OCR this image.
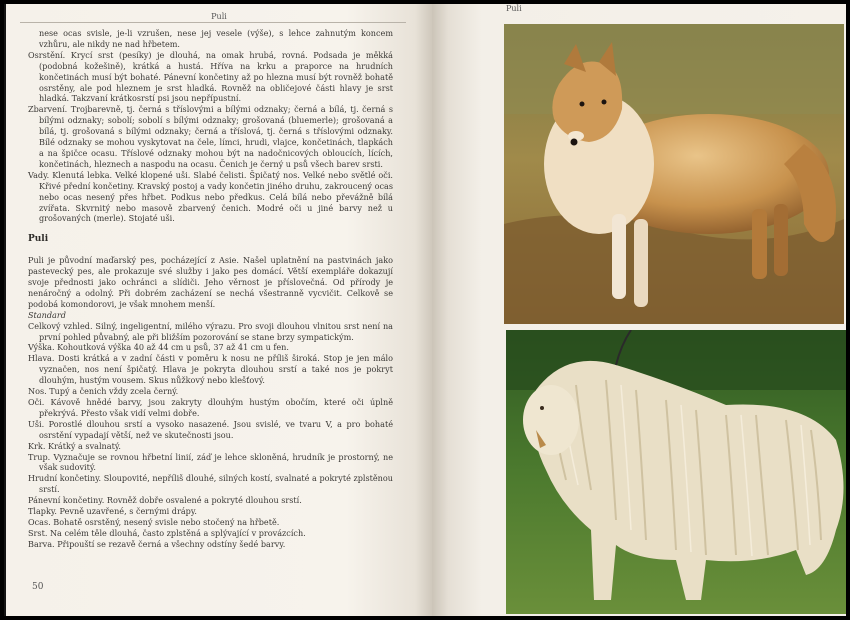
Puli

nese ocas svisle, je-li vzrušen, nese jej vesele (výše), s lehce zahnutým koncem vzhůru, ale nikdy ne nad hřbetem.

Osrstění. Krycí srst (pesíky) je dlouhá, na omak hrubá, rovná. Podsada je měkká (podobná kožešině), krátká a hustá. Hříva na krku a praporce na hrudních končetinách musí být bohaté. Pánevní končetiny až po hlezna musí být rovněž bohatě osrstěny, ale pod hleznem je srst hladká. Rovněž na obličejové části hlavy je srst hladká. Takzvaní krátkosrstí psi jsou nepřípustní.

Zbarvení. Trojbarevně, tj. černá s tříslovými a bílými odznaky; černá a bílá, tj. černá s bílými odznaky; sobolí; sobolí s bílými odznaky; grošovaná (bluemerle); grošovaná a bílá, tj. grošovaná s bílými odznaky; černá a tříslová, tj. černá s tříslovými odznaky. Bílé odznaky se mohou vyskytovat na čele, límci, hrudi, vlajce, končetinách, tlapkách a na špičce ocasu. Tříslové odznaky mohou být na nadočnicových obloucích, lících, končetinách, hleznech a naspodu na ocasu. Čenich je černý u psů všech barev srsti.

Vady. Klenutá lebka. Velké klopené uši. Slabé čelisti. Špičatý nos. Velké nebo světlé oči. Křivé přední končetiny. Kravský postoj a vady končetin jiného druhu, zakroucený ocas nebo ocas nesený přes hřbet. Podkus nebo předkus. Celá bílá nebo převážně bílá zvířata. Skvrnitý nebo masově zbarvený čenich. Modré oči u jiné barvy než u grošovaných (merle). Stojaté uši.

Puli

Puli je původní maďarský pes, pocházející z Asie. Našel uplatnění na pastvinách jako pastevecký pes, ale prokazuje své služby i jako pes domácí. Větší exempláře dokazují svoje přednosti jako ochránci a slídiči. Jeho věrnost je příslovečná. Od přírody je nenáročný a odolný. Při dobrém zacházení se nechá všestranně vycvičit. Celkově se podobá komondorovi, je však mnohem menší.

Standard

Celkový vzhled. Silný, ingeligentní, milého výrazu. Pro svoji dlouhou vlnitou srst není na první pohled půvabný, ale při bližším pozorování se stane brzy sympatickým.

Výška. Kohoutková výška 40 až 44 cm u psů, 37 až 41 cm u fen.

Hlava. Dosti krátká a v zadní části v poměru k nosu ne příliš široká. Stop je jen málo vyznačen, nos není špičatý. Hlava je pokryta dlouhou srstí a také nos je pokryt dlouhým, hustým vousem. Skus nůžkový nebo klešťový.

Nos. Tupý a čenich vždy zcela černý.

Oči. Kávově hnědé barvy, jsou zakryty dlouhým hustým obočím, které oči úplně překrývá. Přesto však vidí velmi dobře.

Uši. Porostlé dlouhou srstí a vysoko nasazené. Jsou svislé, ve tvaru V, a pro bohaté osrstění vypadají větší, než ve skutečnosti jsou.

Krk. Krátký a svalnatý.

Trup. Vyznačuje se rovnou hřbetní linií, záď je lehce skloněná, hrudník je prostorný, ne však sudovitý.

Hrudní končetiny. Sloupovité, nepříliš dlouhé, silných kostí, svalnaté a pokryté zplstěnou srstí.

Pánevní končetiny. Rovněž dobře osvalené a pokryté dlouhou srstí.

Tlapky. Pevně uzavřené, s černými drápy.

Ocas. Bohatě osrstěný, nesený svisle nebo stočený na hřbetě.

Srst. Na celém těle dlouhá, často zplstěná a splývající v provázcích.

Barva. Připouští se rezavě černá a všechny odstíny šedé barvy.

50
Puli
